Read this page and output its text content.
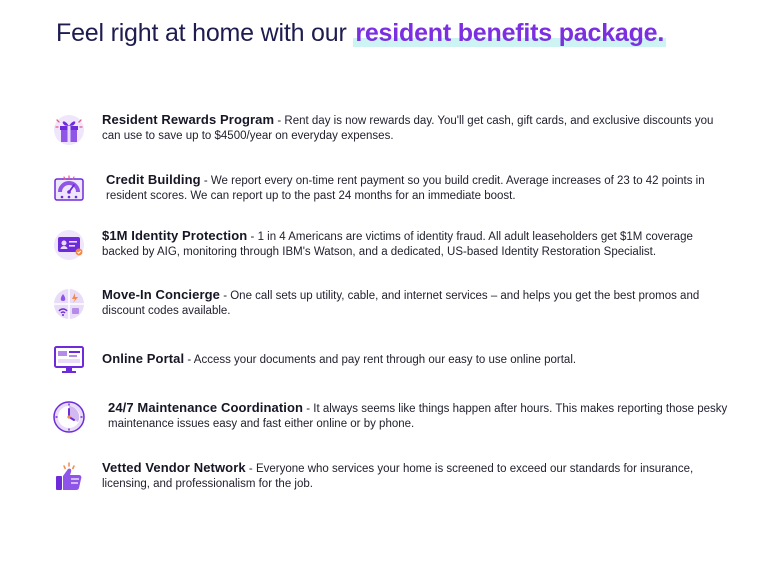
Feel right at home with our resident benefits package.
Resident Rewards Program - Rent day is now rewards day. You'll get cash, gift cards, and exclusive discounts you can use to save up to $4500/year on everyday expenses.
Credit Building - We report every on-time rent payment so you build credit. Average increases of 23 to 42 points in resident scores. We can report up to the past 24 months for an immediate boost.
$1M Identity Protection - 1 in 4 Americans are victims of identity fraud. All adult leaseholders get $1M coverage backed by AIG, monitoring through IBM's Watson, and a dedicated, US-based Identity Restoration Specialist.
Move-In Concierge - One call sets up utility, cable, and internet services – and helps you get the best promos and discount codes available.
Online Portal - Access your documents and pay rent through our easy to use online portal.
24/7 Maintenance Coordination - It always seems like things happen after hours. This makes reporting those pesky maintenance issues easy and fast either online or by phone.
Vetted Vendor Network - Everyone who services your home is screened to exceed our standards for insurance, licensing, and professionalism for the job.
